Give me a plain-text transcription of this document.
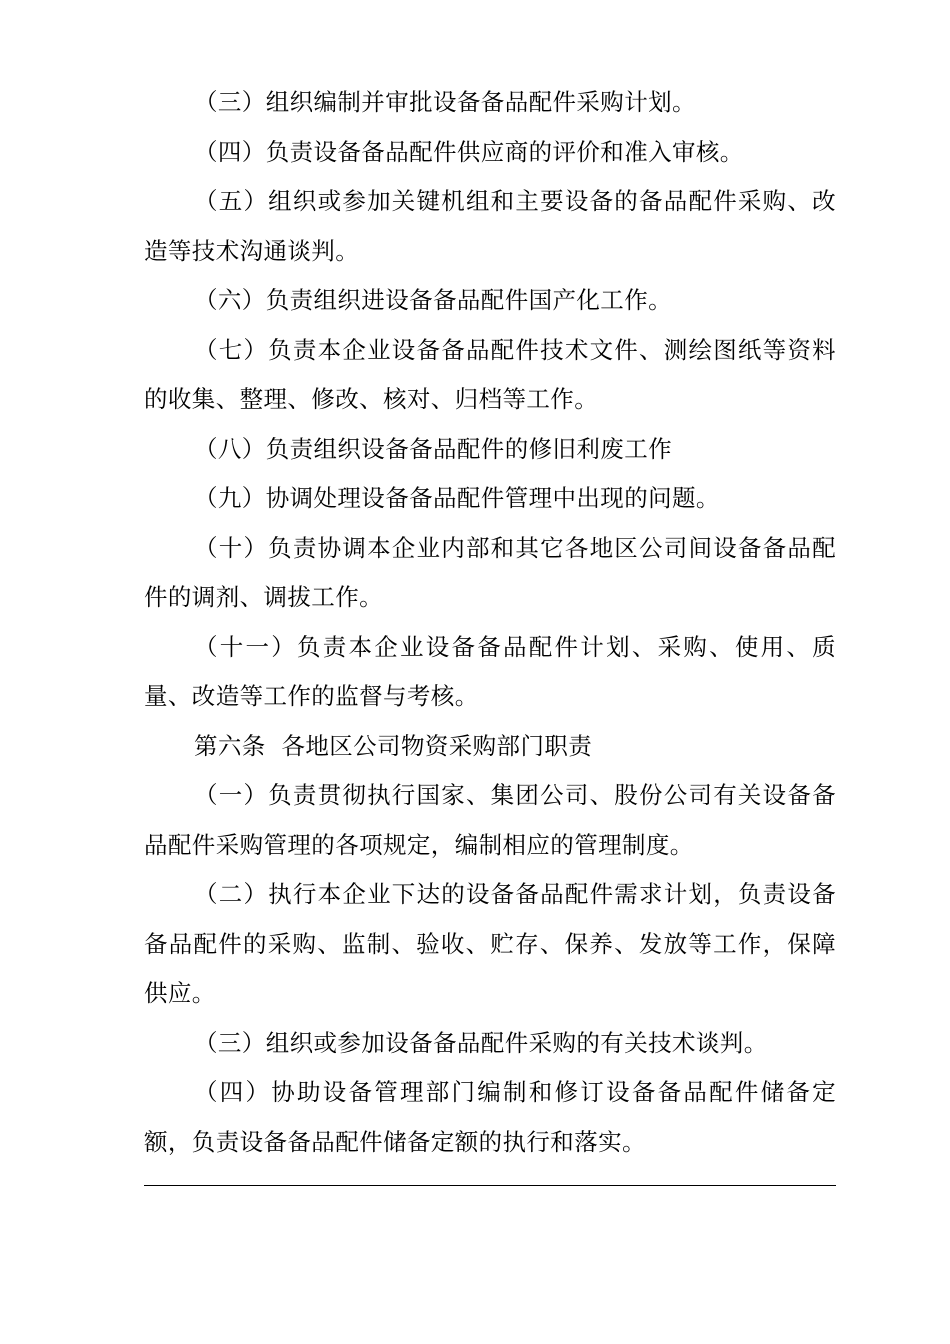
（三）组织编制并审批设备备品配件采购计划。

（四）负责设备备品配件供应商的评价和准入审核。

（五）组织或参加关键机组和主要设备的备品配件采购、改造等技术沟通谈判。

（六）负责组织进设备备品配件国产化工作。

（七）负责本企业设备备品配件技术文件、测绘图纸等资料的收集、整理、修改、核对、归档等工作。

（八）负责组织设备备品配件的修旧利废工作

（九）协调处理设备备品配件管理中出现的问题。

（十）负责协调本企业内部和其它各地区公司间设备备品配件的调剂、调拔工作。

（十一）负责本企业设备备品配件计划、采购、使用、质量、改造等工作的监督与考核。

第六条  各地区公司物资采购部门职责

（一）负责贯彻执行国家、集团公司、股份公司有关设备备品配件采购管理的各项规定，编制相应的管理制度。

（二）执行本企业下达的设备备品配件需求计划，负责设备备品配件的采购、监制、验收、贮存、保养、发放等工作，保障供应。

（三）组织或参加设备备品配件采购的有关技术谈判。

（四）协助设备管理部门编制和修订设备备品配件储备定额，负责设备备品配件储备定额的执行和落实。
